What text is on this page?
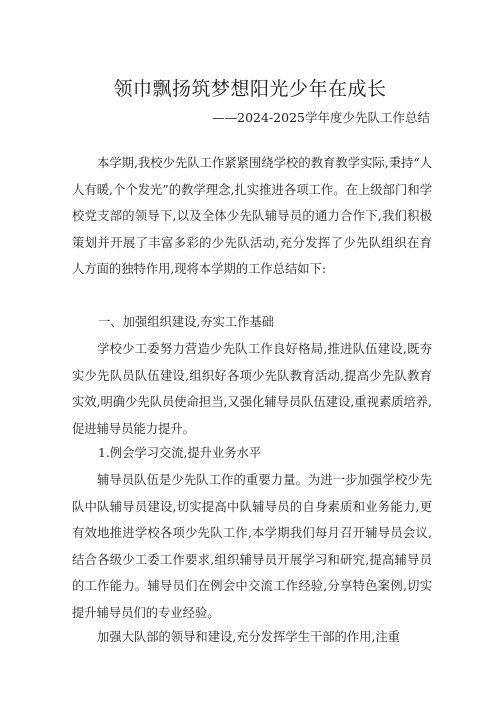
领巾飘扬筑梦想阳光少年在成长
——2024-2025学年度少先队工作总结
本学期,我校少先队工作紧紧围绕学校的教育教学实际,秉持“人人有暖,个个发光”的教学理念,扎实推进各项工作。在上级部门和学校党支部的领导下,以及全体少先队辅导员的通力合作下,我们积极策划并开展了丰富多彩的少先队活动,充分发挥了少先队组织在育人方面的独特作用,现将本学期的工作总结如下:
一、加强组织建设,夯实工作基础
学校少工委努力营造少先队工作良好格局,推进队伍建设,既夯实少先队员队伍建设,组织好各项少先队教育活动,提高少先队教育实效,明确少先队员使命担当,又强化辅导员队伍建设,重视素质培养,促进辅导员能力提升。
1.例会学习交流,提升业务水平
辅导员队伍是少先队工作的重要力量。为进一步加强学校少先队中队辅导员建设,切实提高中队辅导员的自身素质和业务能力,更有效地推进学校各项少先队工作,本学期我们每月召开辅导员会议,结合各级少工委工作要求,组织辅导员开展学习和研究,提高辅导员的工作能力。辅导员们在例会中交流工作经验,分享特色案例,切实提升辅导员们的专业经验。
加强大队部的领导和建设,充分发挥学生干部的作用,注重
